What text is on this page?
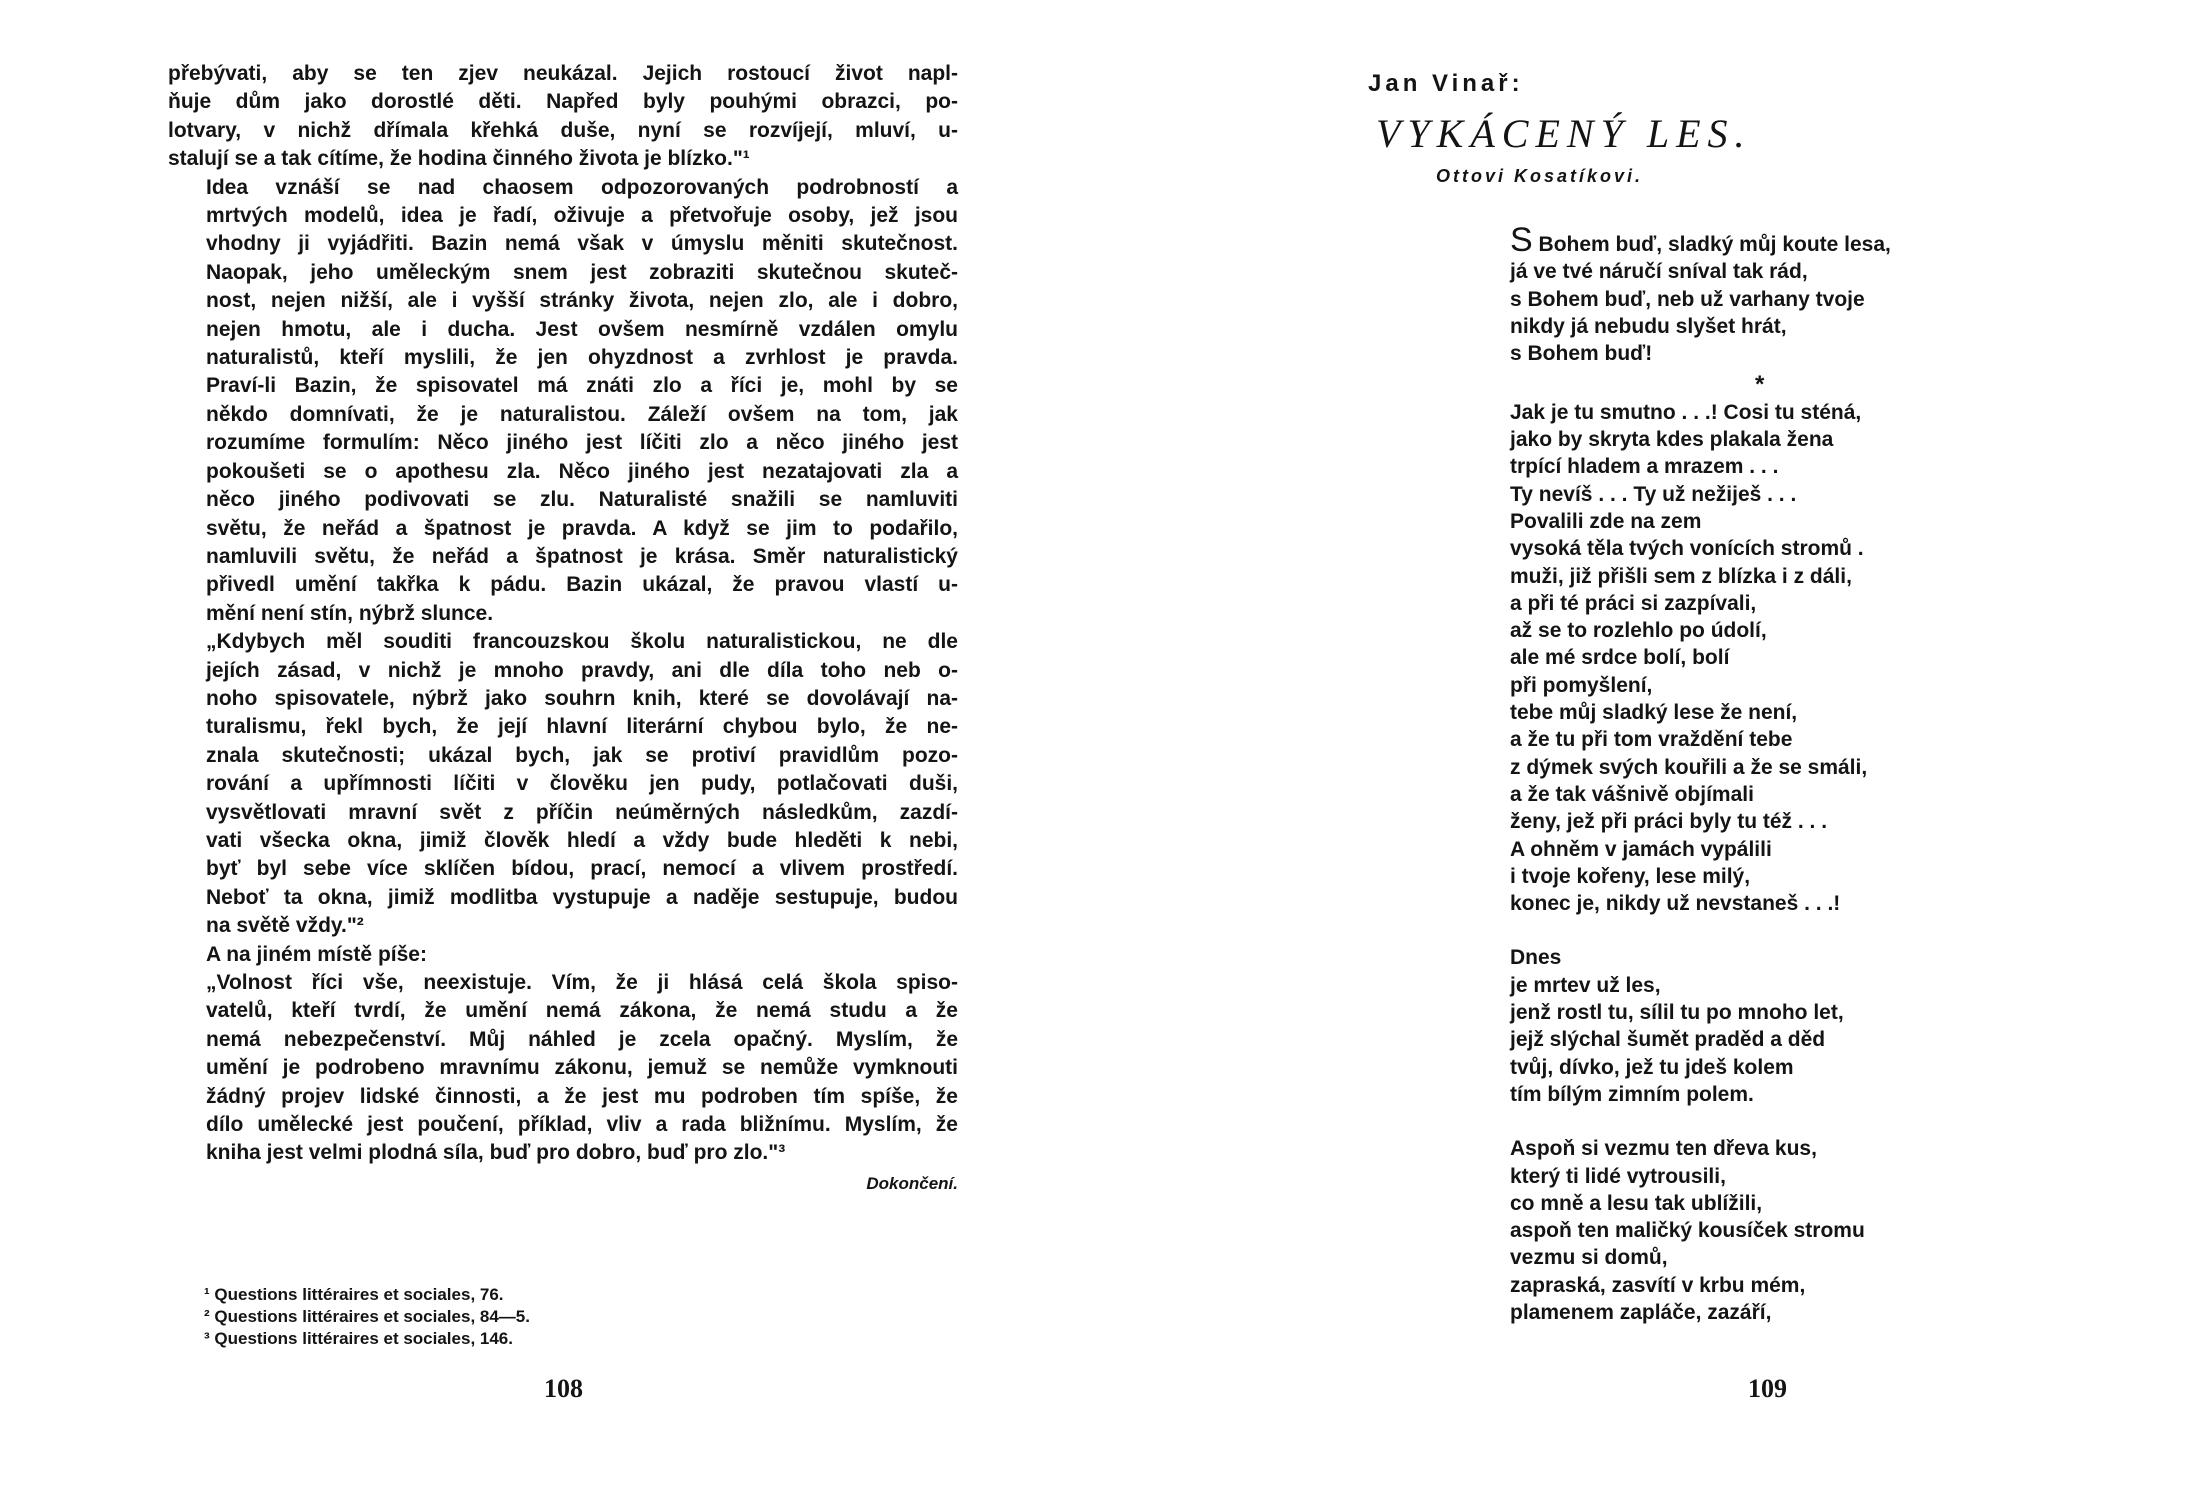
přebývati, aby se ten zjev neukázal. Jejich rostoucí život napl-
ňuje dům jako dorostlé děti. Napřed byly pouhými obrazci, po-
lotvary, v nichž dřímala křehká duše, nyní se rozvíjejí, mluví, u-
stalují se a tak cítíme, že hodina činného života je blízko."¹
Idea vznáší se nad chaosem odpozorovaných podrobností a
mrtvých modelů, idea je řadí, oživuje a přetvořuje osoby, jež jsou
vhodny ji vyjádřiti. Bazin nemá však v úmyslu měniti skutečnost.
Naopak, jeho uměleckým snem jest zobraziti skutečnou skuteč-
nost, nejen nižší, ale i vyšší stránky života, nejen zlo, ale i dobro,
nejen hmotu, ale i ducha. Jest ovšem nesmírně vzdálen omylu
naturalistů, kteří myslili, že jen ohyzdnost a zvrhlost je pravda.
Praví-li Bazin, že spisovatel má znáti zlo a říci je, mohl by se
někdo domnívati, že je naturalistou. Záleží ovšem na tom, jak
rozumíme formulím: Něco jiného jest líčiti zlo a něco jiného jest
pokoušeti se o apothesu zla. Něco jiného jest nezatajovati zla a
něco jiného podivovati se zlu. Naturalisté snažili se namluviti
světu, že neřád a špatnost je pravda. A když se jim to podařilo,
namluvili světu, že neřád a špatnost je krása. Směr naturalistický
přivedl umění takřka k pádu. Bazin ukázal, že pravou vlastí u-
mění není stín, nýbrž slunce.
„Kdybych měl souditi francouzskou školu naturalistickou, ne dle
jejích zásad, v nichž je mnoho pravdy, ani dle díla toho neb o-
noho spisovatele, nýbrž jako souhrn knih, které se dovolávají na-
turalismu, řekl bych, že její hlavní literární chybou bylo, že ne-
znala skutečnosti; ukázal bych, jak se protiví pravidlům pozo-
rování a upřímnosti líčiti v člověku jen pudy, potlačovati duši,
vysvětlovati mravní svět z příčin neúměrných následkům, zazdí-
vati všecka okna, jimiž člověk hledí a vždy bude hleděti k nebi,
byť byl sebe více sklíčen bídou, prací, nemocí a vlivem prostředí.
Neboť ta okna, jimiž modlitba vystupuje a naděje sestupuje, budou
na světě vždy."²
A na jiném místě píše:
„Volnost říci vše, neexistuje. Vím, že ji hlásá celá škola spiso-
vatelů, kteří tvrdí, že umění nemá zákona, že nemá studu a že
nemá nebezpečenství. Můj náhled je zcela opačný. Myslím, že
umění je podrobeno mravnímu zákonu, jemuž se nemůže vymknouti
žádný projev lidské činnosti, a že jest mu podroben tím spíše, že
dílo umělecké jest poučení, příklad, vliv a rada bližnímu. Myslím, že
kniha jest velmi plodná síla, buď pro dobro, buď pro zlo."³
Dokončení.
¹ Questions littéraires et sociales, 76.
² Questions littéraires et sociales, 84—5.
³ Questions littéraires et sociales, 146.
108
Jan Vinař:
VYKÁCENÝ LES.
Ottovi Kosatíkovi.
S Bohem buď, sladký můj koute lesa,
já ve tvé náručí sníval tak rád,
s Bohem buď, neb už varhany tvoje
nikdy já nebudu slyšet hrát,
s Bohem buď!
*
Jak je tu smutno . . .! Cosi tu sténá,
jako by skryta kdes plakala žena
trpící hladem a mrazem . . .
Ty nevíš . . . Ty už nežiješ . . .
Povalili zde na zem
vysoká těla tvých vonících stromů .
muži, již přišli sem z blízka i z dáli,
a při té práci si zazpívali,
až se to rozlehlo po údolí,
ale mé srdce bolí, bolí
při pomyšlení,
tebe můj sladký lese že není,
a že tu při tom vraždění tebe
z dýmek svých kouřili a že se smáli,
a že tak vášnivě objímali
ženy, jež při práci byly tu též . . .
A ohněm v jamách vypálili
i tvoje kořeny, lese milý,
konec je, nikdy už nevstaneš . . .!
Dnes
je mrtev už les,
jenž rostl tu, sílil tu po mnoho let,
jejž slýchal šumět praděd a děd
tvůj, dívko, jež tu jdeš kolem
tím bílým zimním polem.
Aspoň si vezmu ten dřeva kus,
který ti lidé vytrousili,
co mně a lesu tak ublížili,
aspoň ten maličký kousíček stromu
vezmu si domů,
zapraská, zasvítí v krbu mém,
plamenem zapláče, zazáří,
109
